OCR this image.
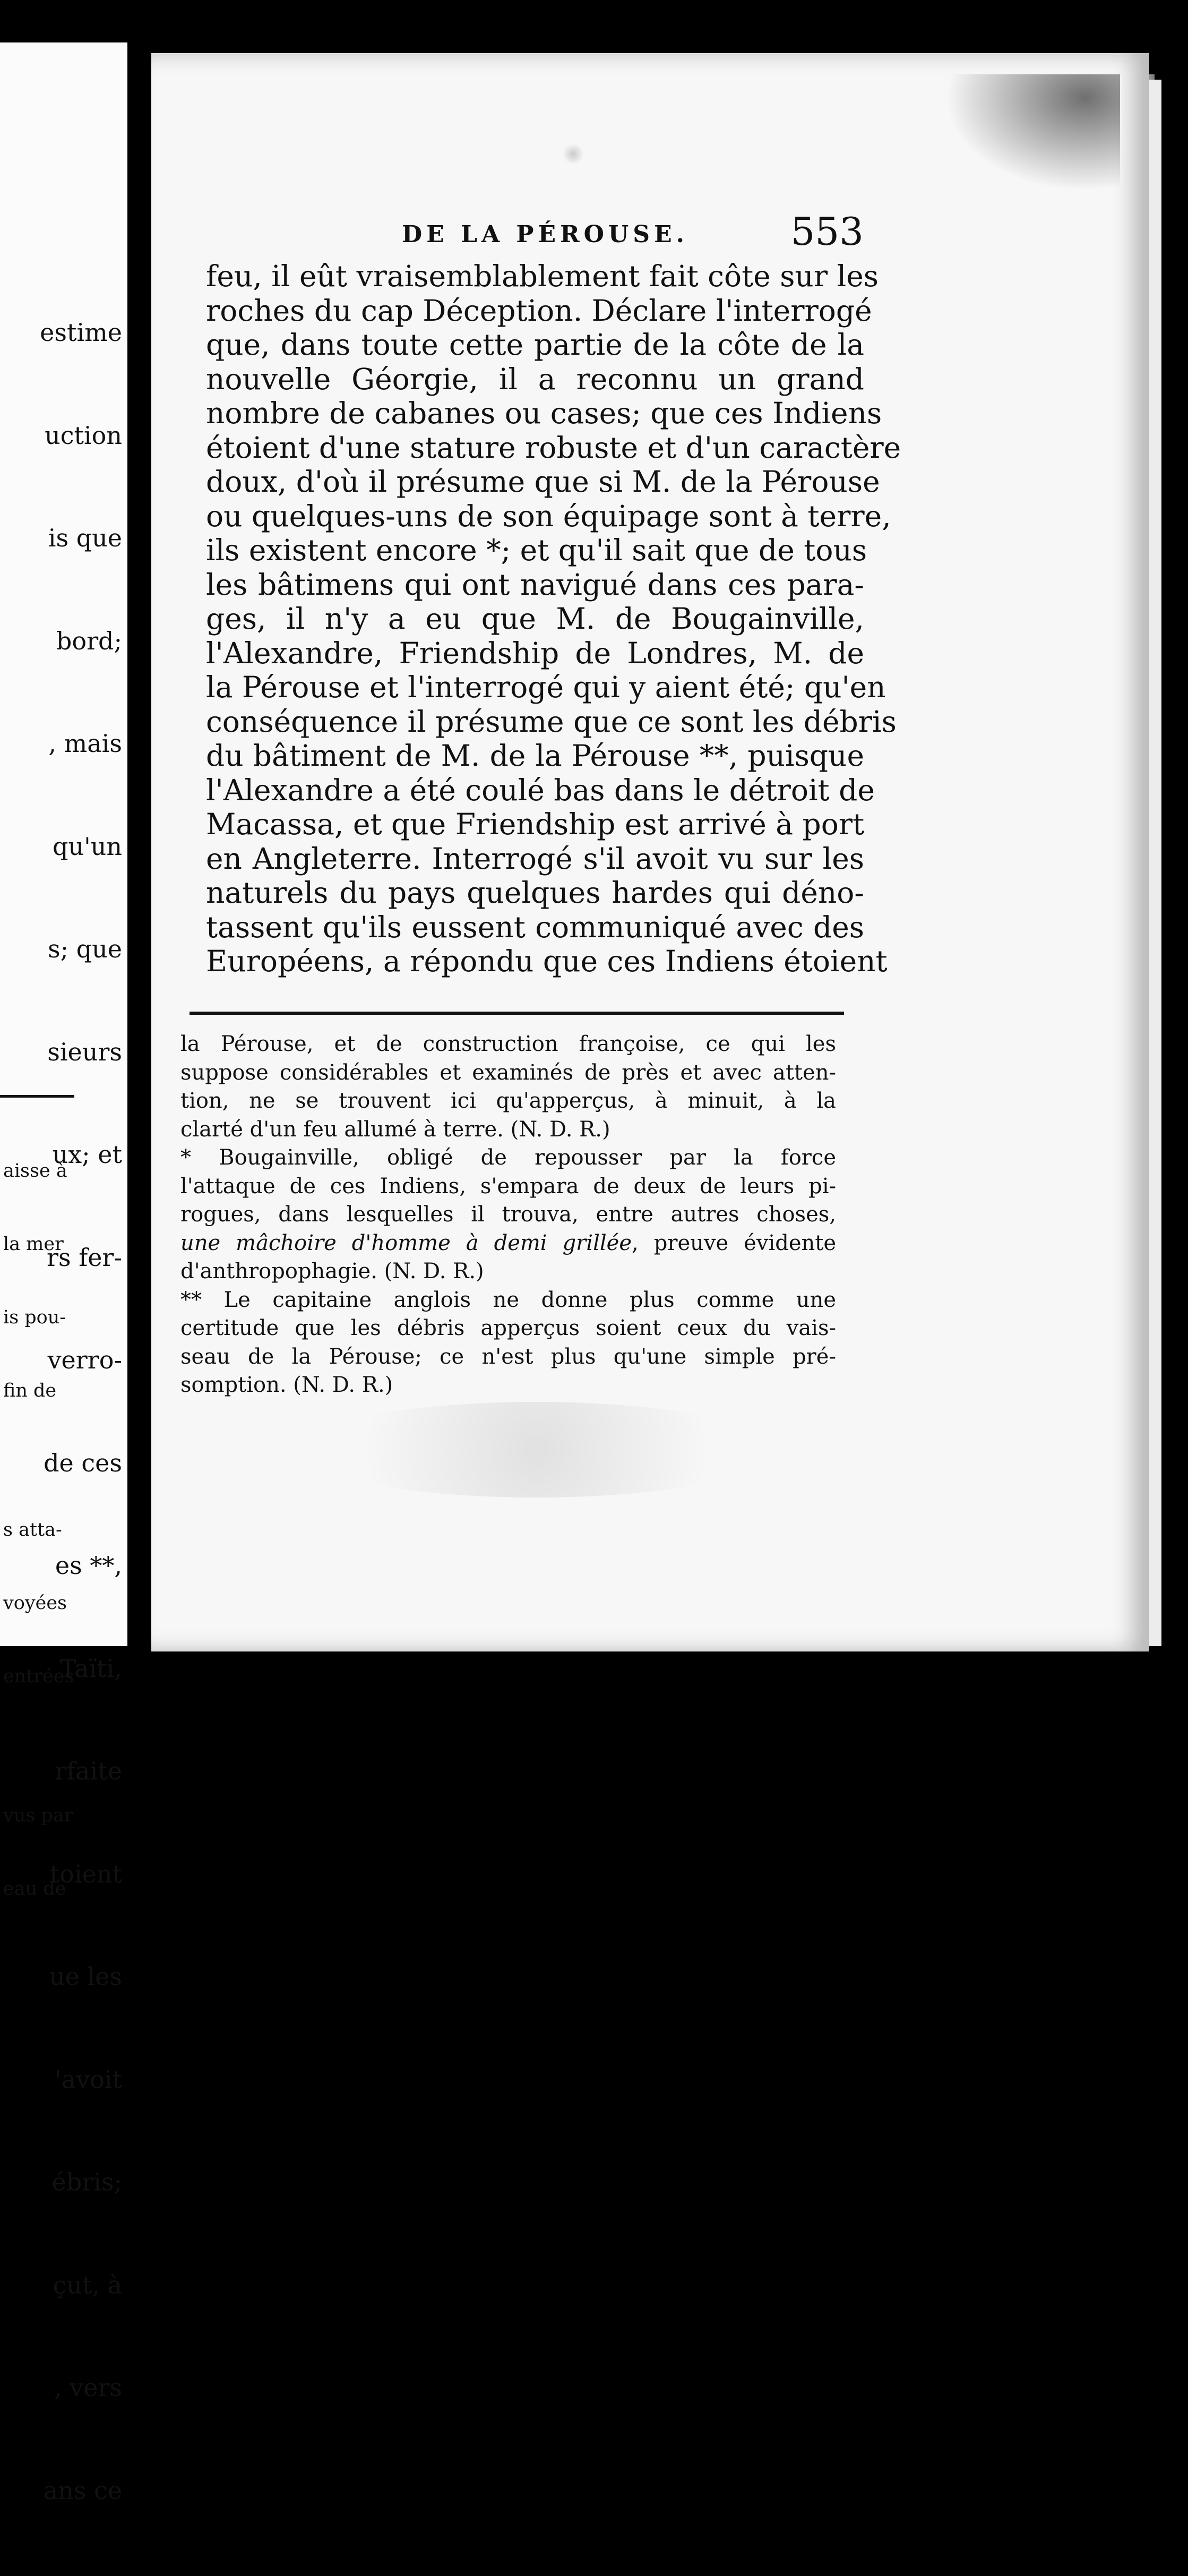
estime

uction

is que

bord;

, mais

qu'un

s; que

sieurs

ux; et

rs fer-

verro-

de ces

es **,

Taïti,

rfaite

toient

ue les

'avoit

ébris;

çut, à

, vers

ans ce

aisse à

la mer

is pou-

fin de

s atta-

voyées

entrées

vus par

eau de

DE LA PÉROUSE.	553
feu, il eût vraisemblablement fait côte sur les
roches du cap Déception. Déclare l'interrogé
que, dans toute cette partie de la côte de la
nouvelle Géorgie, il a reconnu un grand
nombre de cabanes ou cases; que ces Indiens
étoient d'une stature robuste et d'un caractère
doux, d'où il présume que si M. de la Pérouse
ou quelques-uns de son équipage sont à terre,
ils existent encore *; et qu'il sait que de tous
les bâtimens qui ont navigué dans ces para-
ges, il n'y a eu que M. de Bougainville,
l'Alexandre, Friendship de Londres, M. de
la Pérouse et l'interrogé qui y aient été; qu'en
conséquence il présume que ce sont les débris
du bâtiment de M. de la Pérouse **, puisque
l'Alexandre a été coulé bas dans le détroit de
Macassa, et que Friendship est arrivé à port
en Angleterre. Interrogé s'il avoit vu sur les
naturels du pays quelques hardes qui déno-
tassent qu'ils eussent communiqué avec des
Européens, a répondu que ces Indiens étoient
la Pérouse, et de construction françoise, ce qui les
suppose considérables et examinés de près et avec atten-
tion, ne se trouvent ici qu'apperçus, à minuit, à la
clarté d'un feu allumé à terre. (N. D. R.)
* Bougainville, obligé de repousser par la force
l'attaque de ces Indiens, s'empara de deux de leurs pi-
rogues, dans lesquelles il trouva, entre autres choses,
une mâchoire d'homme à demi grillée, preuve évidente
d'anthropophagie. (N. D. R.)
** Le capitaine anglois ne donne plus comme une
certitude que les débris apperçus soient ceux du vais-
seau de la Pérouse; ce n'est plus qu'une simple pré-
somption. (N. D. R.)
